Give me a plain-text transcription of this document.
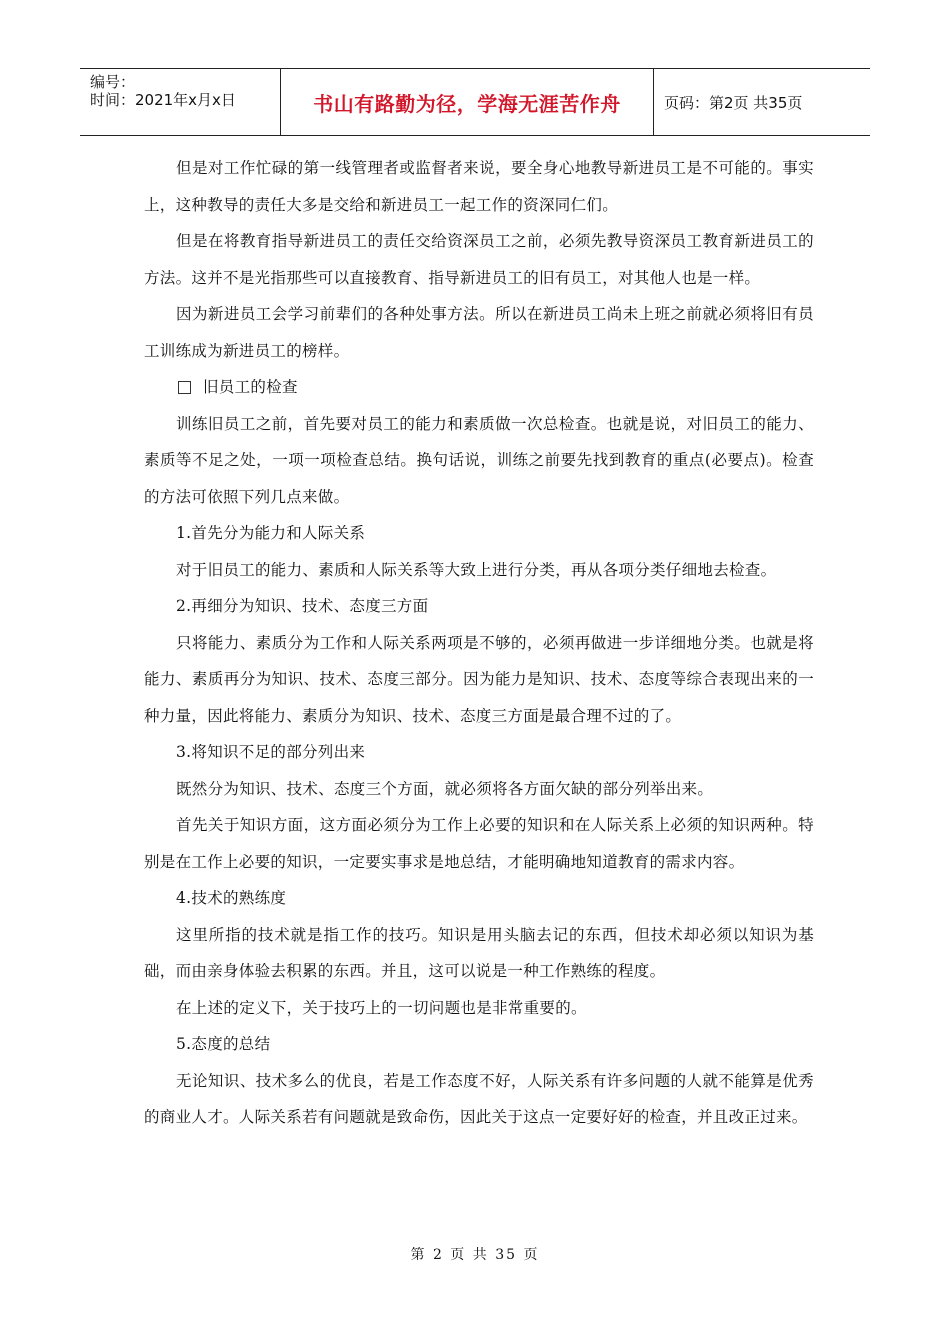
编号：
时间：2021年x月x日	书山有路勤为径，学海无涯苦作舟	页码：第2页 共35页

但是对工作忙碌的第一线管理者或监督者来说，要全身心地教导新进员工是不可能的。事实上，这种教导的责任大多是交给和新进员工一起工作的资深同仁们。

但是在将教育指导新进员工的责任交给资深员工之前，必须先教导资深员工教育新进员工的方法。这并不是光指那些可以直接教育、指导新进员工的旧有员工，对其他人也是一样。

因为新进员工会学习前辈们的各种处事方法。所以在新进员工尚未上班之前就必须将旧有员工训练成为新进员工的榜样。

旧员工的检查

训练旧员工之前，首先要对员工的能力和素质做一次总检查。也就是说，对旧员工的能力、素质等不足之处，一项一项检查总结。换句话说，训练之前要先找到教育的重点(必要点)。检查的方法可依照下列几点来做。

1.首先分为能力和人际关系

对于旧员工的能力、素质和人际关系等大致上进行分类，再从各项分类仔细地去检查。

2.再细分为知识、技术、态度三方面

只将能力、素质分为工作和人际关系两项是不够的，必须再做进一步详细地分类。也就是将能力、素质再分为知识、技术、态度三部分。因为能力是知识、技术、态度等综合表现出来的一种力量，因此将能力、素质分为知识、技术、态度三方面是最合理不过的了。

3.将知识不足的部分列出来

既然分为知识、技术、态度三个方面，就必须将各方面欠缺的部分列举出来。

首先关于知识方面，这方面必须分为工作上必要的知识和在人际关系上必须的知识两种。特别是在工作上必要的知识，一定要实事求是地总结，才能明确地知道教育的需求内容。

4.技术的熟练度

这里所指的技术就是指工作的技巧。知识是用头脑去记的东西，但技术却必须以知识为基础，而由亲身体验去积累的东西。并且，这可以说是一种工作熟练的程度。

在上述的定义下，关于技巧上的一切问题也是非常重要的。

5.态度的总结

无论知识、技术多么的优良，若是工作态度不好，人际关系有许多问题的人就不能算是优秀的商业人才。人际关系若有问题就是致命伤，因此关于这点一定要好好的检查，并且改正过来。

第 2 页 共 35 页
